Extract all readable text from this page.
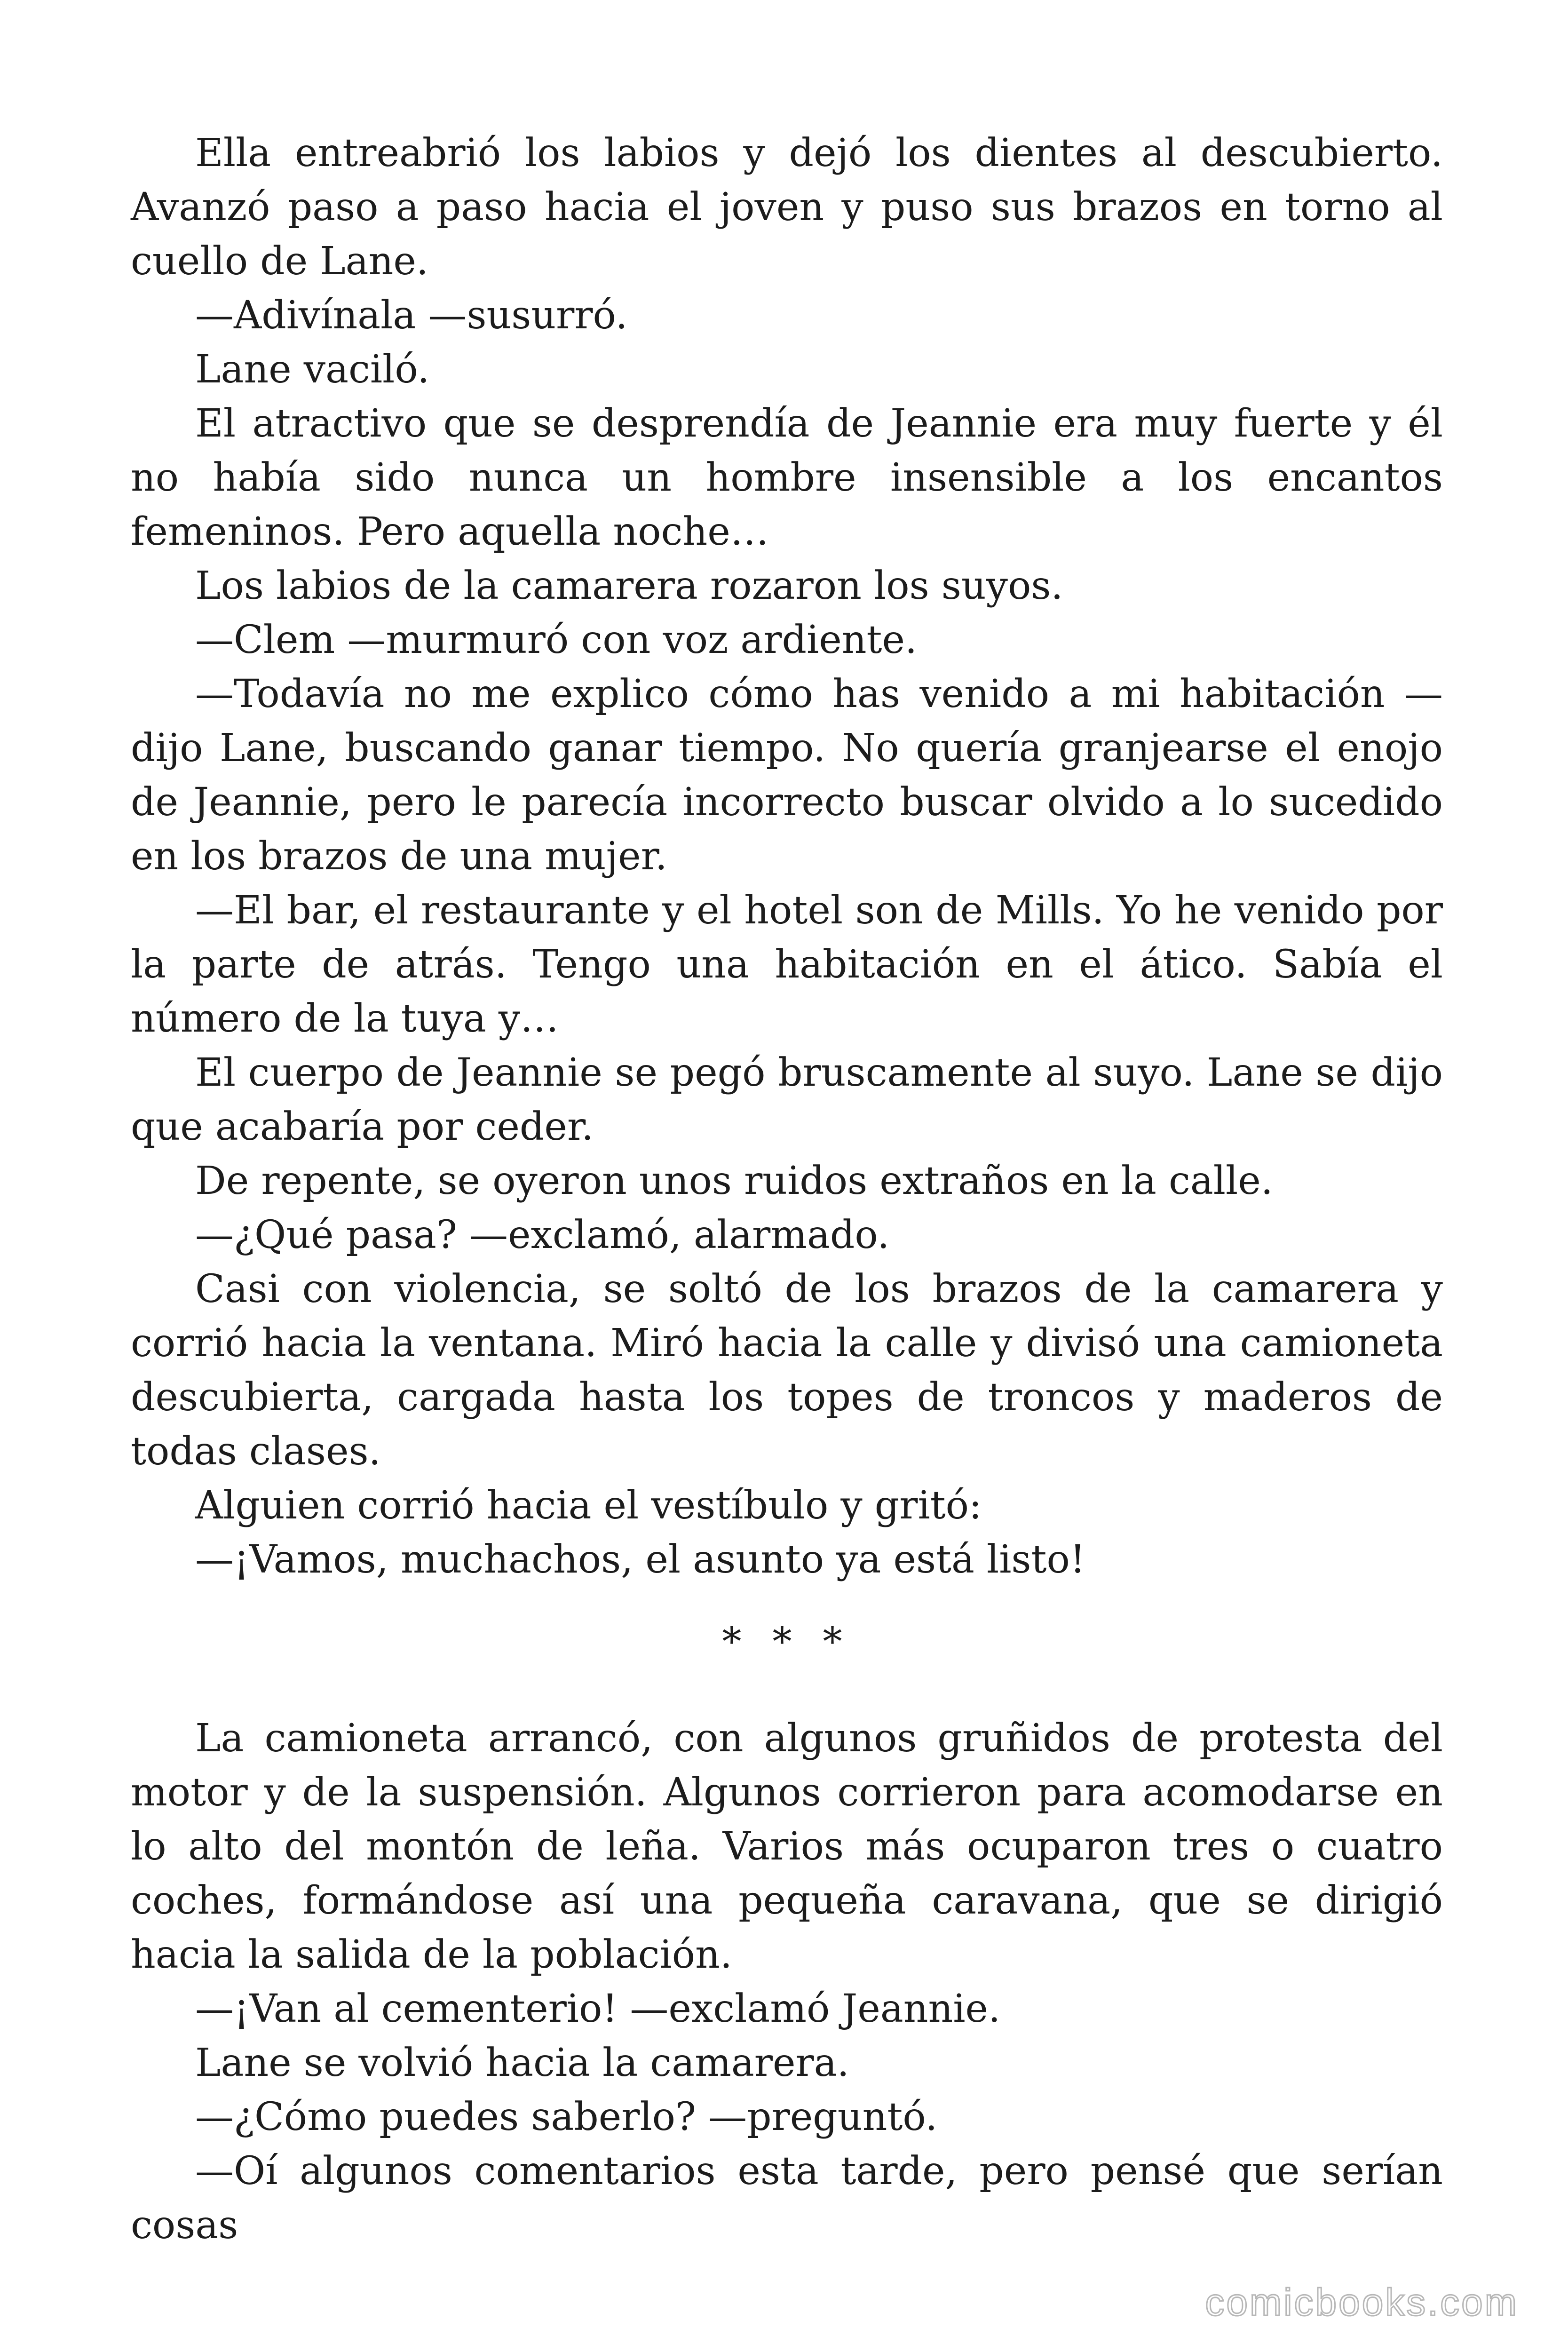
Ella entreabrió los labios y dejó los dientes al descubierto. Avanzó paso a paso hacia el joven y puso sus brazos en torno al cuello de Lane.

—Adivínala —susurró.

Lane vaciló.

El atractivo que se desprendía de Jeannie era muy fuerte y él no había sido nunca un hombre insensible a los encantos femeninos. Pero aquella noche…

Los labios de la camarera rozaron los suyos.

—Clem —murmuró con voz ardiente.

—Todavía no me explico cómo has venido a mi habitación —dijo Lane, buscando ganar tiempo. No quería granjearse el enojo de Jeannie, pero le parecía incorrecto buscar olvido a lo sucedido en los brazos de una mujer.

—El bar, el restaurante y el hotel son de Mills. Yo he venido por la parte de atrás. Tengo una habitación en el ático. Sabía el número de la tuya y…

El cuerpo de Jeannie se pegó bruscamente al suyo. Lane se dijo que acabaría por ceder.

De repente, se oyeron unos ruidos extraños en la calle.

—¿Qué pasa? —exclamó, alarmado.

Casi con violencia, se soltó de los brazos de la camarera y corrió hacia la ventana. Miró hacia la calle y divisó una camioneta descubierta, cargada hasta los topes de troncos y maderos de todas clases.

Alguien corrió hacia el vestíbulo y gritó:

—¡Vamos, muchachos, el asunto ya está listo!

* * *

La camioneta arrancó, con algunos gruñidos de protesta del motor y de la suspensión. Algunos corrieron para acomodarse en lo alto del montón de leña. Varios más ocuparon tres o cuatro coches, formándose así una pequeña caravana, que se dirigió hacia la salida de la población.

—¡Van al cementerio! —exclamó Jeannie.

Lane se volvió hacia la camarera.

—¿Cómo puedes saberlo? —preguntó.

—Oí algunos comentarios esta tarde, pero pensé que serían cosas

comicbooks.com
